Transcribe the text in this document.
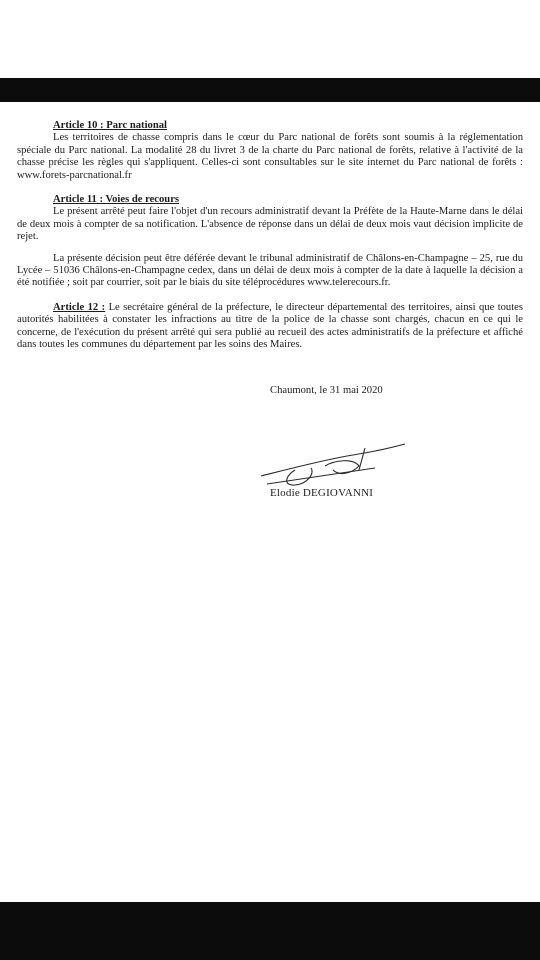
Article 10 : Parc national

Les territoires de chasse compris dans le cœur du Parc national de forêts sont soumis à la réglementation spéciale du Parc national. La modalité 28 du livret 3 de la charte du Parc national de forêts, relative à l'activité de la chasse précise les règles qui s'appliquent. Celles-ci sont consultables sur le site internet du Parc national de forêts : www.forets-parcnational.fr

Article 11 : Voies de recours

Le présent arrêté peut faire l'objet d'un recours administratif devant la Préfète de la Haute-Marne dans le délai de deux mois à compter de sa notification. L'absence de réponse dans un délai de deux mois vaut décision implicite de rejet.

La présente décision peut être déférée devant le tribunal administratif de Châlons-en-Champagne – 25, rue du Lycée – 51036 Châlons-en-Champagne cedex, dans un délai de deux mois à compter de la date à laquelle la décision a été notifiée ; soit par courrier, soit par le biais du site téléprocédures www.telerecours.fr.

Article 12 : Le secrétaire général de la préfecture, le directeur départemental des territoires, ainsi que toutes autorités habilitées à constater les infractions au titre de la police de la chasse sont chargés, chacun en ce qui le concerne, de l'exécution du présent arrêté qui sera publié au recueil des actes administratifs de la préfecture et affiché dans toutes les communes du département par les soins des Maires.

Chaumont, le 31 mai 2020
Elodie DEGIOVANNI
